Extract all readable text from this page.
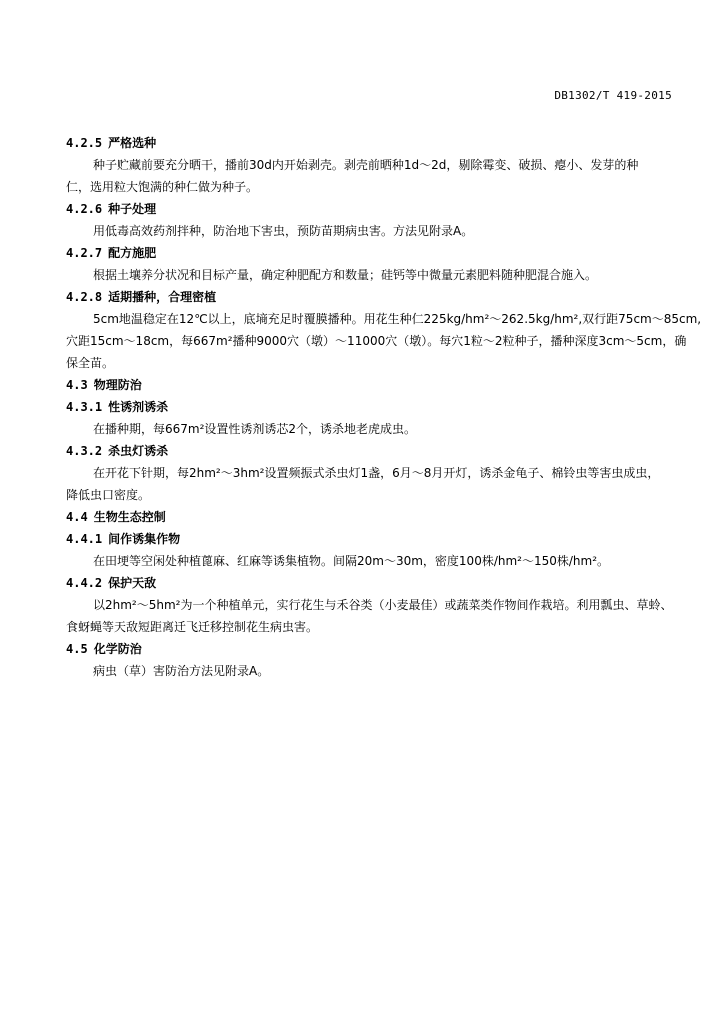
DB1302/T 419-2015
4.2.5 严格选种
种子贮藏前要充分晒干，播前30d内开始剥壳。剥壳前晒种1d～2d，剔除霉变、破损、瘪小、发芽的种
仁，选用粒大饱满的种仁做为种子。
4.2.6 种子处理
用低毒高效药剂拌种，防治地下害虫，预防苗期病虫害。方法见附录A。
4.2.7 配方施肥
根据土壤养分状况和目标产量，确定种肥配方和数量；硅钙等中微量元素肥料随种肥混合施入。
4.2.8 适期播种，合理密植
5cm地温稳定在12℃以上，底墒充足时覆膜播种。用花生种仁225kg/hm²～262.5kg/hm²,双行距75cm～85cm,
穴距15cm～18cm，每667m²播种9000穴（墩）～11000穴（墩）。每穴1粒～2粒种子，播种深度3cm～5cm，确
保全苗。
4.3 物理防治
4.3.1 性诱剂诱杀
在播种期，每667m²设置性诱剂诱芯2个，诱杀地老虎成虫。
4.3.2 杀虫灯诱杀
在开花下针期，每2hm²～3hm²设置频振式杀虫灯1盏，6月～8月开灯，诱杀金龟子、棉铃虫等害虫成虫，
降低虫口密度。
4.4 生物生态控制
4.4.1 间作诱集作物
在田埂等空闲处种植蓖麻、红麻等诱集植物。间隔20m～30m，密度100株/hm²～150株/hm²。
4.4.2 保护天敌
以2hm²～5hm²为一个种植单元，实行花生与禾谷类（小麦最佳）或蔬菜类作物间作栽培。利用瓢虫、草蛉、
食蚜蝇等天敌短距离迁飞迁移控制花生病虫害。
4.5 化学防治
病虫（草）害防治方法见附录A。
